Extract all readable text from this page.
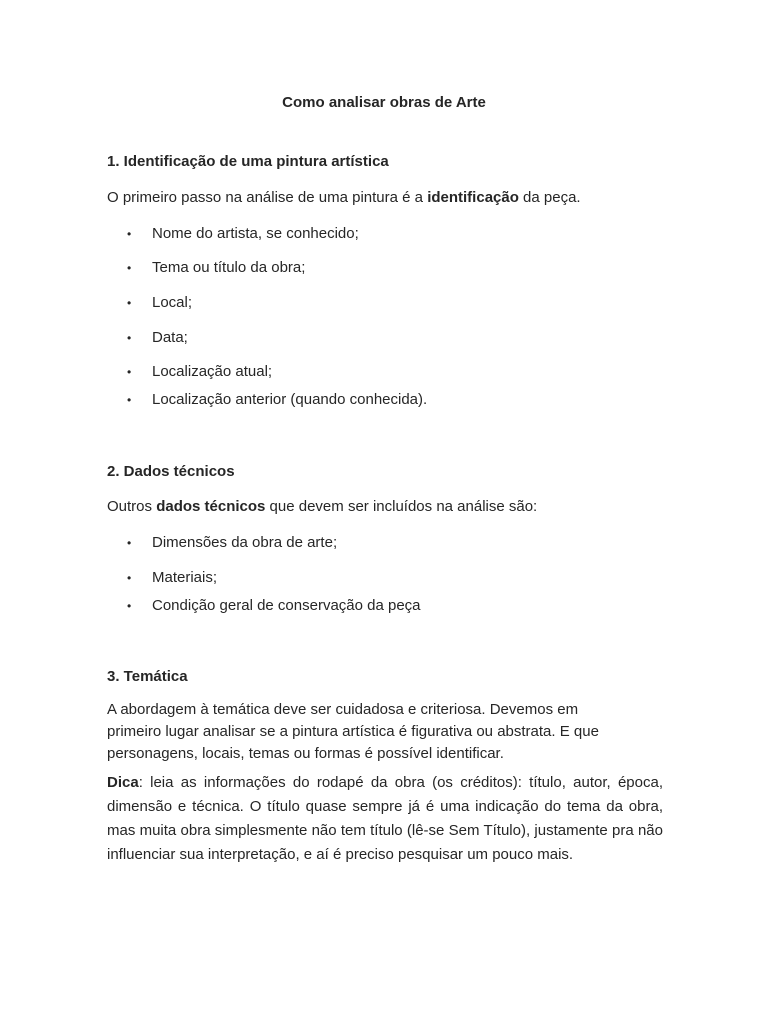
Como analisar obras de Arte
1. Identificação de uma pintura artística

O primeiro passo na análise de uma pintura é a identificação da peça.

• Nome do artista, se conhecido;
• Tema ou título da obra;
• Local;
• Data;
• Localização atual;
• Localização anterior (quando conhecida).
2. Dados técnicos

Outros dados técnicos que devem ser incluídos na análise são:

• Dimensões da obra de arte;
• Materiais;
• Condição geral de conservação da peça
3. Temática

A abordagem à temática deve ser cuidadosa e criteriosa. Devemos em primeiro lugar analisar se a pintura artística é figurativa ou abstrata. E que personagens, locais, temas ou formas é possível identificar.

Dica: leia as informações do rodapé da obra (os créditos): título, autor, época, dimensão e técnica. O título quase sempre já é uma indicação do tema da obra, mas muita obra simplesmente não tem título (lê-se Sem Título), justamente pra não influenciar sua interpretação, e aí é preciso pesquisar um pouco mais.
